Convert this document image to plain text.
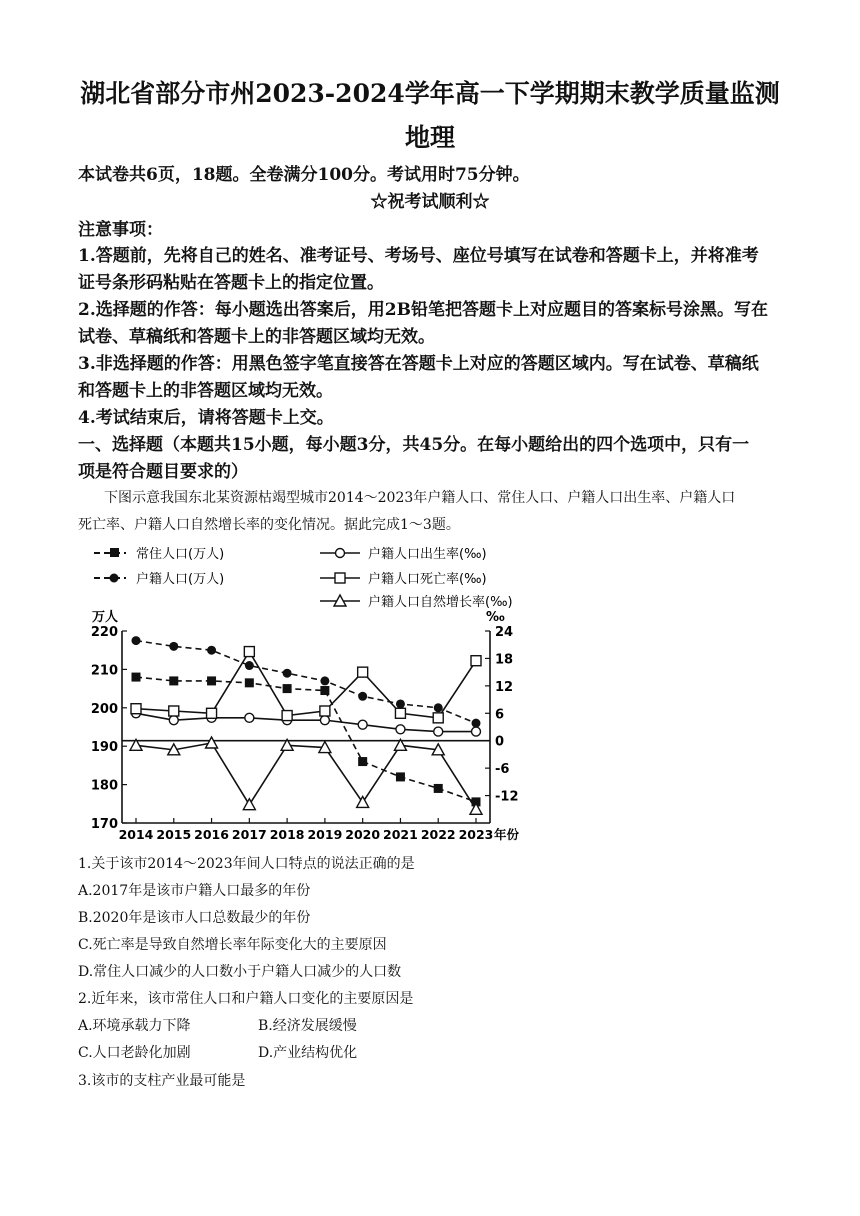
湖北省部分市州2023-2024学年高一下学期期末教学质量监测
地理
本试卷共6页，18题。全卷满分100分。考试用时75分钟。
☆祝考试顺利☆
注意事项：
1.答题前，先将自己的姓名、准考证号、考场号、座位号填写在试卷和答题卡上，并将准考
证号条形码粘贴在答题卡上的指定位置。
2.选择题的作答：每小题选出答案后，用2B铅笔把答题卡上对应题目的答案标号涂黑。写在
试卷、草稿纸和答题卡上的非答题区域均无效。
3.非选择题的作答：用黑色签字笔直接答在答题卡上对应的答题区域内。写在试卷、草稿纸
和答题卡上的非答题区域均无效。
4.考试结束后，请将答题卡上交。
一、选择题（本题共15小题，每小题3分，共45分。在每小题给出的四个选项中，只有一
项是符合题目要求的）
下图示意我国东北某资源枯竭型城市2014～2023年户籍人口、常住人口、户籍人口出生率、户籍人口
死亡率、户籍人口自然增长率的变化情况。据此完成1～3题。
常住人口(万人)
户籍人口(万人)
户籍人口出生率(‰)
户籍人口死亡率(‰)
户籍人口自然增长率(‰)
万人	‰
170
180
190
200
210
220
-12
-6
0
6
12
18
24
2014 2015 2016 2017 2018 2019 2020 2021 2022 2023 年份
1.关于该市2014～2023年间人口特点的说法正确的是
A.2017年是该市户籍人口最多的年份
B.2020年是该市人口总数最少的年份
C.死亡率是导致自然增长率年际变化大的主要原因
D.常住人口减少的人口数小于户籍人口减少的人口数
2.近年来，该市常住人口和户籍人口变化的主要原因是
A.环境承载力下降	B.经济发展缓慢
C.人口老龄化加剧	D.产业结构优化
3.该市的支柱产业最可能是
